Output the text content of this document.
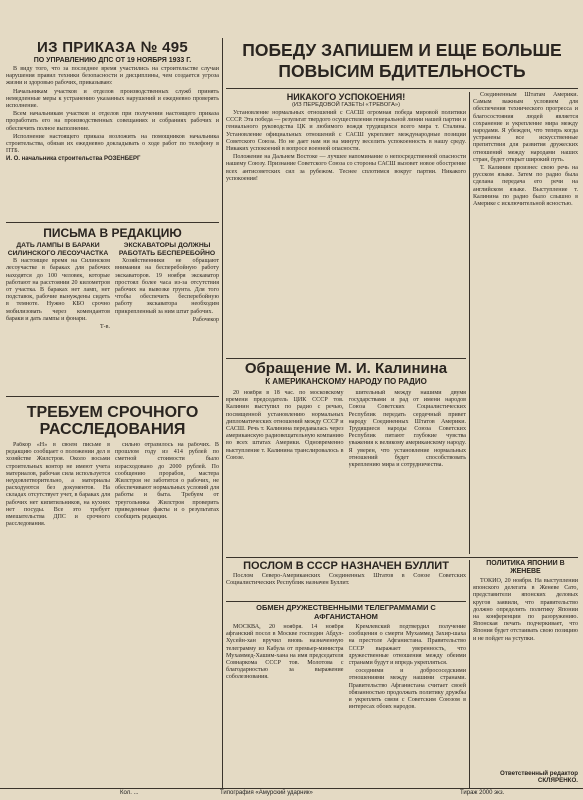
ИЗ ПРИКАЗА № 495
ПО УПРАВЛЕНИЮ ДПС ОТ 19 НОЯБРЯ 1933 Г.

В виду того, что за последнее время участились на строительстве случаи нарушения правил техники безопасности и дисциплины, чем создается угроза жизни и здоровью рабочих, приказываю:

Начальникам участков и отделов производственных служб принять немедленные меры к устранению указанных нарушений и ежедневно проверять исполнение.

Всем начальникам участков и отделов при получении настоящего приказа проработать его на производственных совещаниях и собраниях рабочих и обеспечить полное выполнение.

Исполнение настоящего приказа возложить на помощников начальника строительства, обязав их ежедневно докладывать о ходе работ по телефону в ПТБ.

И. О. начальника строительства РОЗЕНБЕРГ

ПИСЬМА В РЕДАКЦИЮ
ДАТЬ ЛАМПЫ В БАРАКИ СИЛИНСКОГО ЛЕСОУЧАСТКА

В настоящее время на Силинском лесоучастке в бараках для рабочих находятся до 100 человек, которые работают на расстоянии 20 километров от участка. В бараках нет ламп, нет подставок, рабочие вынуждены сидеть в темноте. Нужно КБО срочно мобилизовать через комендантов бараки и дать лампы и фонари.

Т-в.

ЭКСКАВАТОРЫ ДОЛЖНЫ РАБОТАТЬ БЕСПЕРЕБОЙНО

Хозяйственники не обращают внимания на бесперебойную работу экскаваторов. 19 ноября экскаватор простоял более часа из-за отсутствия рабочих на вывозке грунта. Для того чтобы обеспечить бесперебойную работу экскаватора необходим прикрепленный за ним штат рабочих.

Рабочекор

ТРЕБУЕМ СРОЧНОГО РАССЛЕДОВАНИЯ

Рабкор «Н» в своем письме в редакцию сообщает о положении дел в хозяйстве Жилстроя. Около восьми строительных контор не имеют учета материалов, рабочая сила используется неудовлетворительно, а материалы расходуются без документов. На складах отсутствует учет, в бараках для рабочих нет кипятильников, на кухнях нет посуды. Все это требует вмешательства ДПС и срочного расследования.

сильно отразилось на рабочих. В прошлом году из 414 рублей по сметной стоимости было израсходовано до 2000 рублей. По сообщению прорабов, мастера Жилстроя не заботятся о рабочих, не обеспечивают нормальных условий для работы и быта. Требуем от треугольника Жилстроя проверить приведенные факты и о результатах сообщить редакции.

ПОБЕДУ ЗАПИШЕМ И ЕЩЕ БОЛЬШЕ
ПОВЫСИМ БДИТЕЛЬНОСТЬ
НИКАКОГО УСПОКОЕНИЯ!
(ИЗ ПЕРЕДОВОЙ ГАЗЕТЫ «ТРЕВОГА»)

Установление нормальных отношений с САСШ огромная победа мировой политики СССР. Эта победа — результат твердого осуществления генеральной линии нашей партии и гениального руководства ЦК и любимого вождя трудящихся всего мира т. Сталина. Установление официальных отношений с САСШ укрепляет международные позиции Советского Союза. Но не дает нам ни на минуту веселить успокоенность в нашу среду. Никаких успокоений в вопросе военной опасности.

Положение на Дальнем Востоке — лучшее напоминание о непосредственной опасности нашему Союзу. Признание Советского Союза со стороны САСШ вызовет новое обострение всех антисоветских сил за рубежом. Теснее сплотимся вокруг партии. Никакого успокоения!

Соединенным Штатам Америки. Самым важным условием для обеспечения технического прогресса и благосостояния людей является сохранение и укрепление мира между народами. Я убежден, что теперь когда устранены все искусственные препятствия для развития дружеских отношений между народами наших стран, будет открыт широкий путь.

Т. Калинин произнес свою речь на русском языке. Затем по радио была сделана передача его речи на английском языке. Выступление т. Калинина по радио было слышно в Америке с исключительной ясностью.

Обращение М. И. Калинина
К АМЕРИКАНСКОМУ НАРОДУ ПО РАДИО

20 ноября в 18 час. по московскому времени председатель ЦИК СССР тов. Калинин выступил по радио с речью, посвященной установлению нормальных дипломатических отношений между СССР и САСШ. Речь т. Калинина передавалась через американскую радиовещательную компанию во всех штатах Америки. Одновременно выступление т. Калинина транслировалось в Союзе.

шительный между нашими двумя государствами и рад от имени народов Союза Советских Социалистических Республик передать сердечный привет народу Соединенных Штатов Америки. Трудящиеся народы Союза Советских Республик питают глубокие чувства уважения к великому американскому народу. Я уверен, что установление нормальных отношений будет способствовать укреплению мира и сотрудничества.

ПОСЛОМ В СССР НАЗНАЧЕН БУЛЛИТ

Послом Северо-Американских Соединенных Штатов в Союзе Советских Социалистических Республик назначен Буллит.

ОБМЕН ДРУЖЕСТВЕННЫМИ ТЕЛЕГРАММАМИ С АФГАНИСТАНОМ

МОСКВА, 20 ноября. 14 ноября афганский посол в Москве господин Абдул-Хусейн-хан вручил вновь назначенную телеграмму из Кабула от премьер-министра Мухаммед-Хашим-хана на имя председателя Совнаркома СССР тов. Молотова с благодарностью за выражение соболезнования.

Кремлевский подтвердил получение сообщения о смерти Мухаммед Захир-шаха на престоле Афганистана. Правительство СССР выражает уверенность, что дружественные отношения между обеими странами будут и впредь укрепляться.

соседними и добрососедскими отношениями между нашими странами. Правительство Афганистана считает своей обязанностью продолжать политику дружбы и укреплять связи с Советским Союзом в интересах обоих народов.

ПОЛИТИКА ЯПОНИИ В ЖЕНЕВЕ

ТОКИО, 20 ноября. На выступлении японского делегата в Женеве Сато, представители японских деловых кругов заявили, что правительство должно определить политику Японии на конференции по разоружению. Японская печать подчеркивает, что Япония будет отстаивать свою позицию и не пойдет на уступки.

Ответственный редактор СКЛЯРЕНКО.
Кол. ...	Типография «Амурский ударник»	Тираж 2000 экз.
